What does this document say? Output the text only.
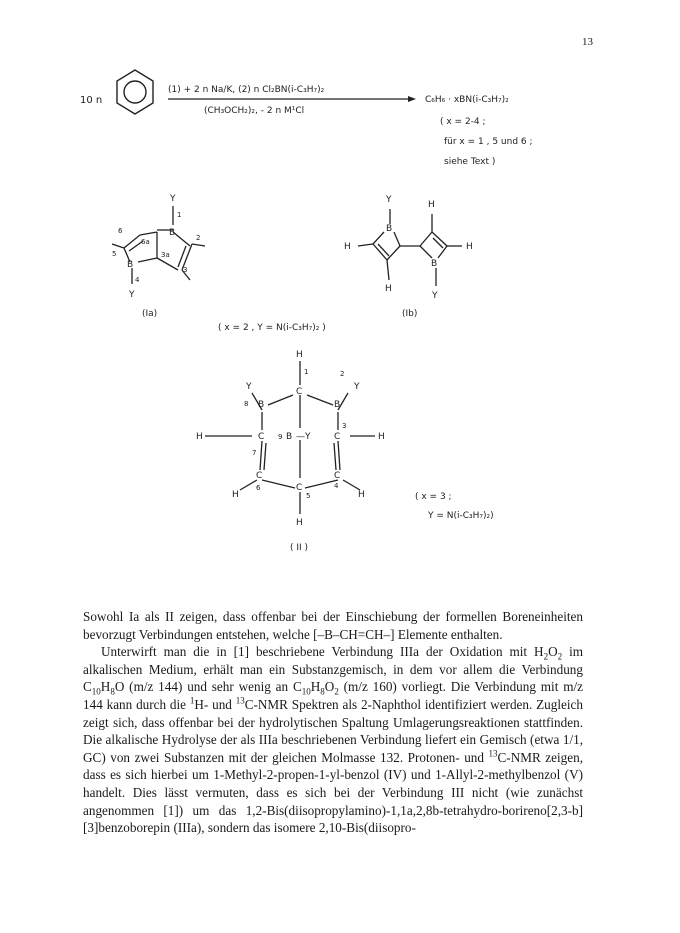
13
10 n
(1) + 2 n Na/K, (2) n Cl₂BN(i-C₃H₇)₂
(CH₃OCH₂)₂, - 2 n M¹Cl
C₆H₆ · xBN(i-C₃H₇)₂
( x = 2-4 ;
für x = 1 , 5 und 6 ;
siehe Text )
Y
1
B	2
3
3a
6a
6
5
B
4
Y
(Ia)
Y
B
H
H
H
H
B
Y
(Ib)
( x = 2 , Y = N(i-C₃H₇)₂ )
H
1
C
Y
8 B
2
Y
B
H	C 9 B —Y
3
C	H
7
C
6	C
5
C
4
H	H
H
( II )
( x = 3 ;
Y = N(i-C₃H₇)₂)

Sowohl Ia als II zeigen, dass offenbar bei der Einschiebung der formellen Boreneinheiten bevorzugt Verbindungen entstehen, welche [–B–CH=CH–] Elemente enthalten.

Unterwirft man die in [1] beschriebene Verbindung IIIa der Oxidation mit $H_2O_2$ im alkalischen Medium, erhält man ein Substanzgemisch, in dem vor allem die Verbindung $C_{10}H_8O$ (m/z 144) und sehr wenig an $C_{10}H_8O_2$ (m/z 160) vorliegt. Die Verbindung mit m/z 144 kann durch die $^1$H- und $^{13}$C-NMR Spektren als 2-Naphthol identifiziert werden. Zugleich zeigt sich, dass offenbar bei der hydrolytischen Spaltung Umlagerungsreaktionen stattfinden. Die alkalische Hydrolyse der als IIIa beschriebenen Verbindung liefert ein Gemisch (etwa 1/1, GC) von zwei Substanzen mit der gleichen Molmasse 132. Protonen- und $^{13}$C-NMR zeigen, dass es sich hierbei um 1-Methyl-2-propen-1-yl-benzol (IV) und 1-Allyl-2-methylbenzol (V) handelt. Dies lässt vermuten, dass es sich bei der Verbindung III nicht (wie zunächst angenommen [1]) um das 1,2-Bis(diisopropylamino)-1,1a,2,8b-tetrahydro-borireno[2,3-b][3]benzoborepin (IIIa), sondern das isomere 2,10-Bis(diisopro-
